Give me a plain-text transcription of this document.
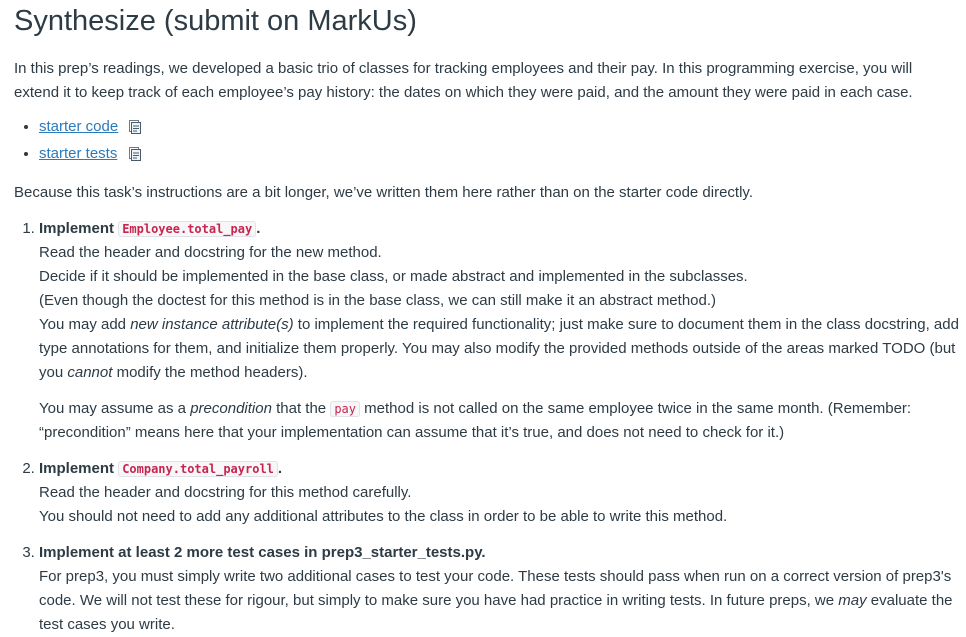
Synthesize (submit on MarkUs)

In this prep’s readings, we developed a basic trio of classes for tracking employees and their pay. In this programming exercise, you will extend it to keep track of each employee’s pay history: the dates on which they were paid, and the amount they were paid in each case.

• starter code
• starter tests

Because this task’s instructions are a bit longer, we’ve written them here rather than on the starter code directly.

1. Implement Employee.total_pay .
Read the header and docstring for the new method.
Decide if it should be implemented in the base class, or made abstract and implemented in the subclasses.
(Even though the doctest for this method is in the base class, we can still make it an abstract method.)
You may add new instance attribute(s) to implement the required functionality; just make sure to document them in the class docstring, add type annotations for them, and initialize them properly. You may also modify the provided methods outside of the areas marked TODO (but you cannot modify the method headers).
You may assume as a precondition that the pay method is not called on the same employee twice in the same month. (Remember: “precondition” means here that your implementation can assume that it’s true, and does not need to check for it.)
2. Implement Company.total_payroll .
Read the header and docstring for this method carefully.
You should not need to add any additional attributes to the class in order to be able to write this method.
3. Implement at least 2 more test cases in prep3_starter_tests.py.
For prep3, you must simply write two additional cases to test your code. These tests should pass when run on a correct version of prep3's code. We will not test these for rigour, but simply to make sure you have had practice in writing tests. In future preps, we may evaluate the test cases you write.
